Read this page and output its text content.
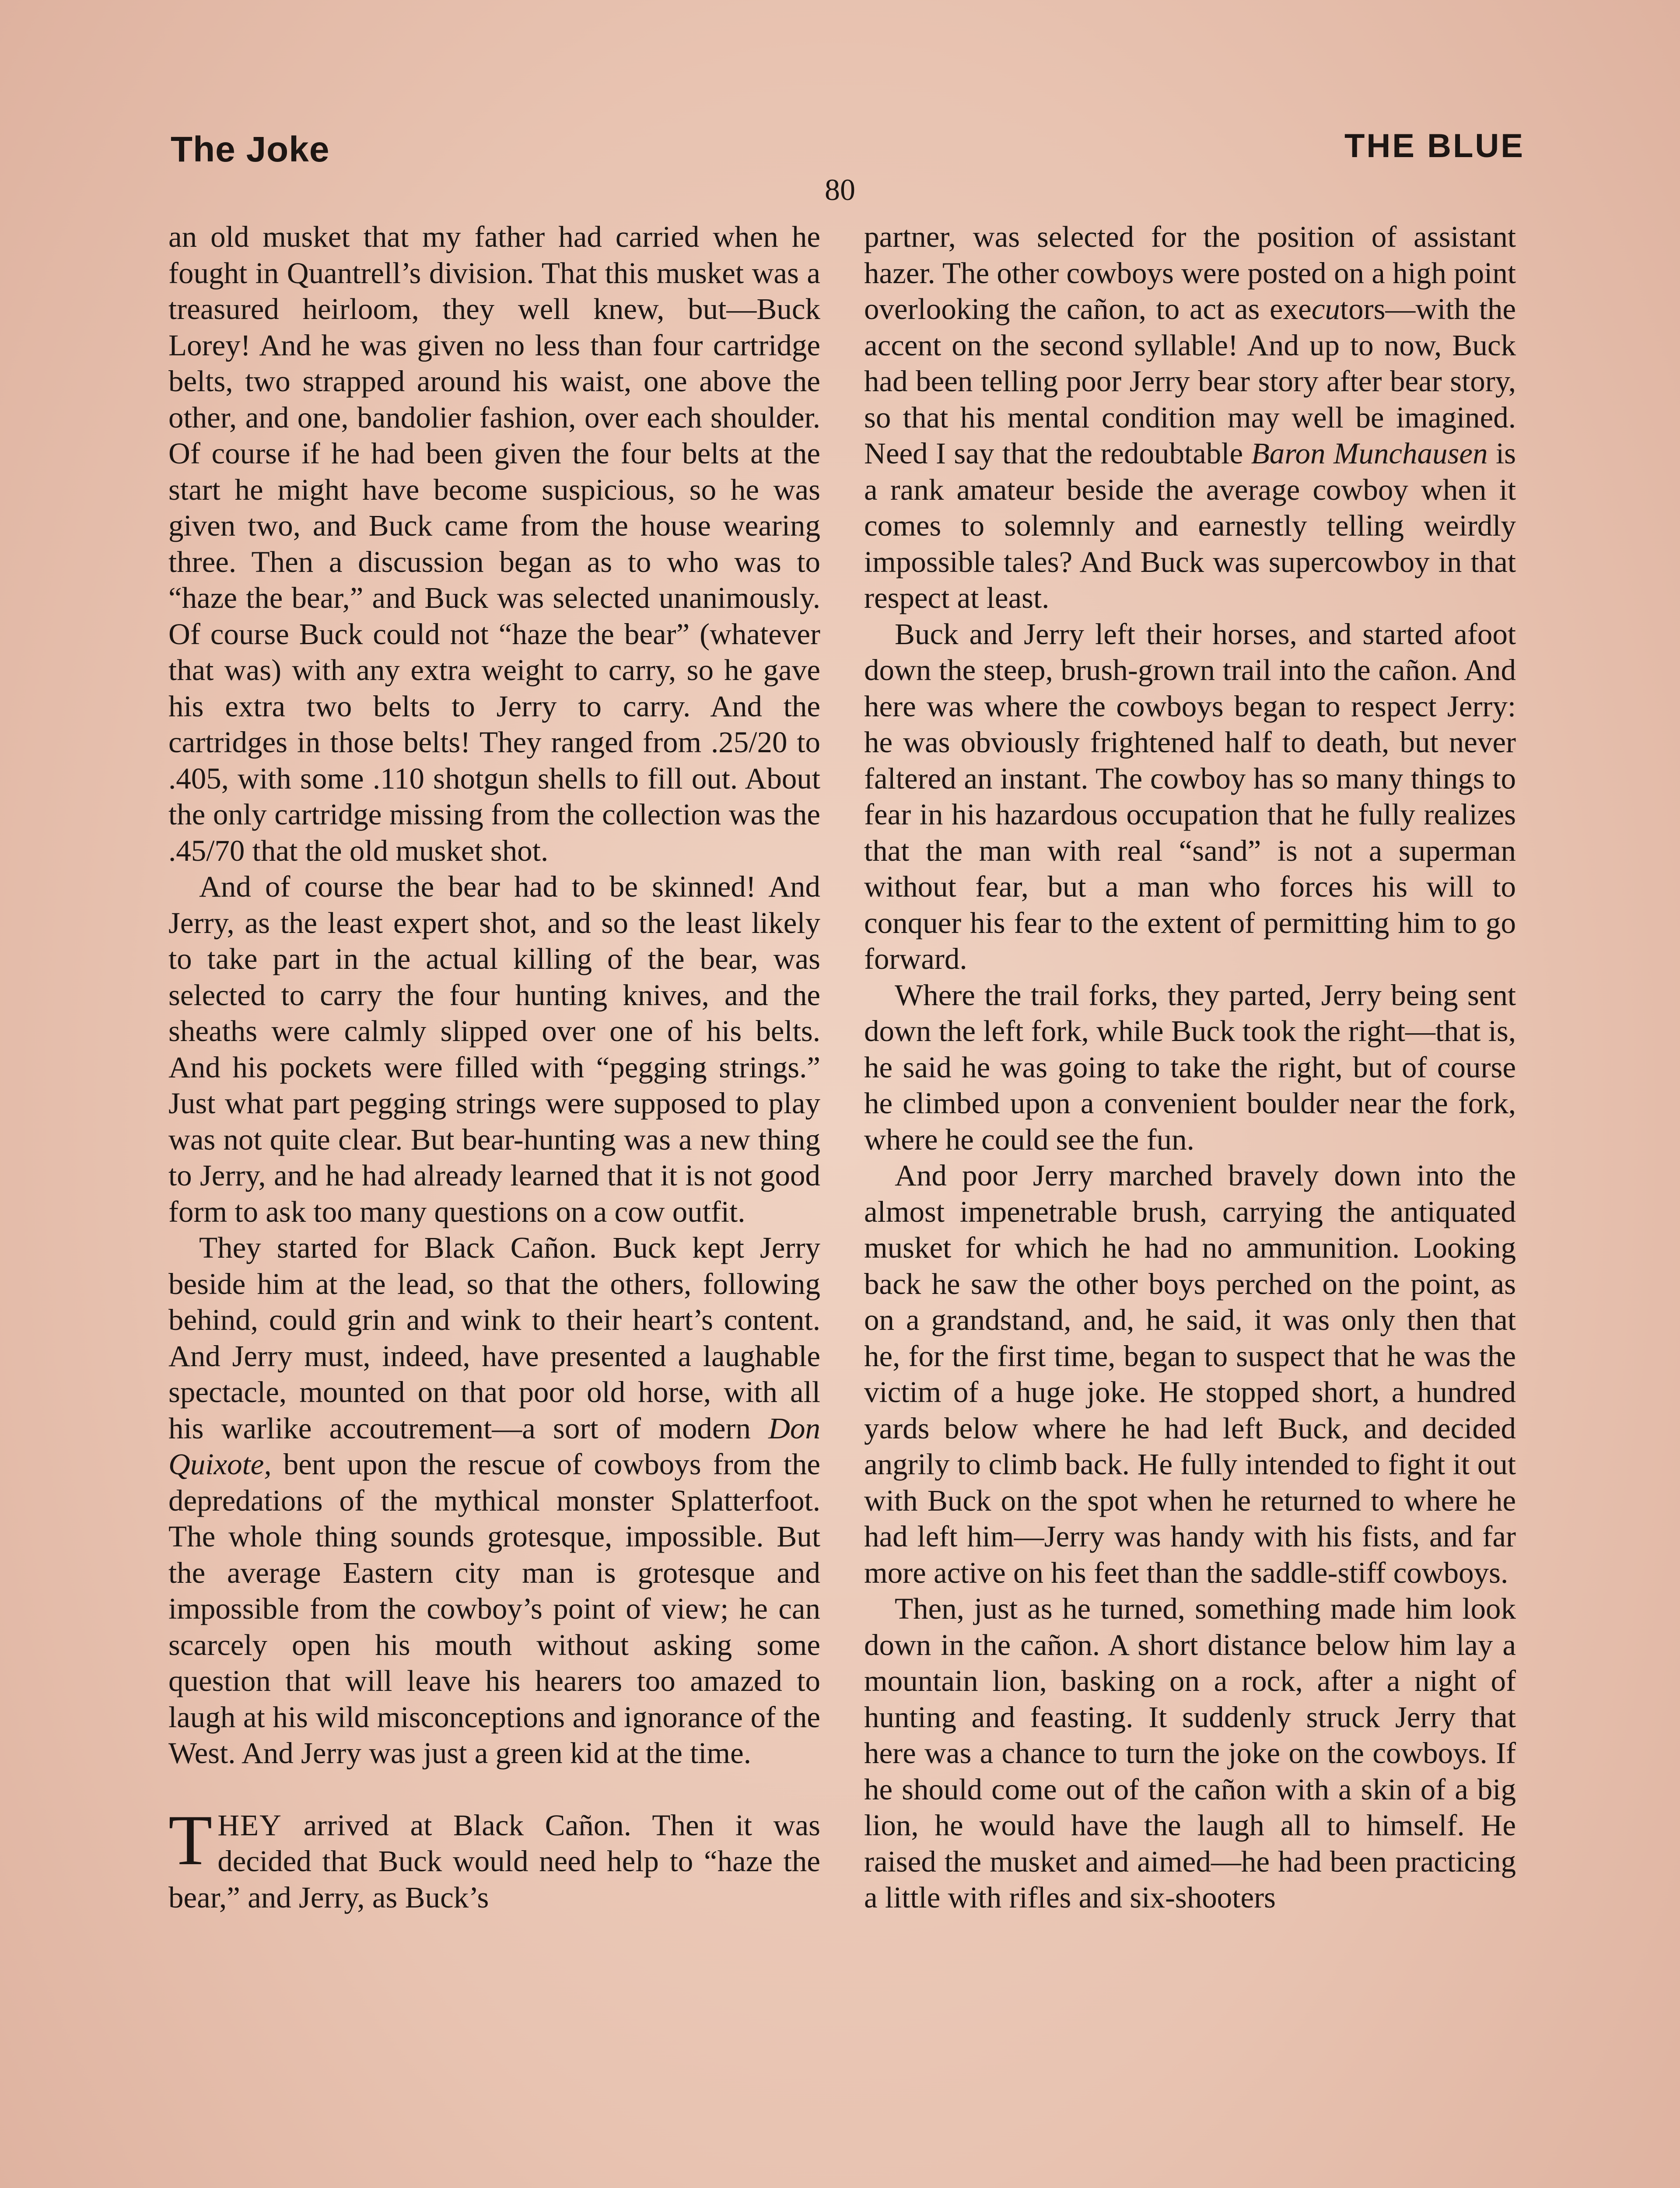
The Joke	THE BLUE
80

an old musket that my father had carried when he fought in Quantrell’s division. That this musket was a treasured heirloom, they well knew, but—Buck Lorey! And he was given no less than four cartridge belts, two strapped around his waist, one above the other, and one, bandolier fashion, over each shoulder. Of course if he had been given the four belts at the start he might have become suspicious, so he was given two, and Buck came from the house wearing three. Then a discussion began as to who was to “haze the bear,” and Buck was selected unanimously. Of course Buck could not “haze the bear” (whatever that was) with any extra weight to carry, so he gave his extra two belts to Jerry to carry. And the cartridges in those belts! They ranged from .25/20 to .405, with some .110 shotgun shells to fill out. About the only cartridge missing from the collection was the .45/70 that the old musket shot.

And of course the bear had to be skinned! And Jerry, as the least expert shot, and so the least likely to take part in the actual killing of the bear, was selected to carry the four hunting knives, and the sheaths were calmly slipped over one of his belts. And his pockets were filled with “pegging strings.” Just what part pegging strings were supposed to play was not quite clear. But bear-hunting was a new thing to Jerry, and he had already learned that it is not good form to ask too many questions on a cow outfit.

They started for Black Cañon. Buck kept Jerry beside him at the lead, so that the others, following behind, could grin and wink to their heart’s content. And Jerry must, indeed, have presented a laughable spectacle, mounted on that poor old horse, with all his warlike accoutrement—a sort of modern Don Quixote, bent upon the rescue of cowboys from the depredations of the mythical monster Splatterfoot. The whole thing sounds grotesque, impossible. But the average Eastern city man is grotesque and impossible from the cowboy’s point of view; he can scarcely open his mouth without asking some question that will leave his hearers too amazed to laugh at his wild misconceptions and ignorance of the West. And Jerry was just a green kid at the time.

THEY arrived at Black Cañon. Then it was decided that Buck would need help to “haze the bear,” and Jerry, as Buck’s

partner, was selected for the position of assistant hazer. The other cowboys were posted on a high point overlooking the cañon, to act as executors—with the accent on the second syllable! And up to now, Buck had been telling poor Jerry bear story after bear story, so that his mental condition may well be imagined. Need I say that the redoubtable Baron Munchausen is a rank amateur beside the average cowboy when it comes to solemnly and earnestly telling weirdly impossible tales? And Buck was supercowboy in that respect at least.

Buck and Jerry left their horses, and started afoot down the steep, brush-grown trail into the cañon. And here was where the cowboys began to respect Jerry: he was obviously frightened half to death, but never faltered an instant. The cowboy has so many things to fear in his hazardous occupation that he fully realizes that the man with real “sand” is not a superman without fear, but a man who forces his will to conquer his fear to the extent of permitting him to go forward.

Where the trail forks, they parted, Jerry being sent down the left fork, while Buck took the right—that is, he said he was going to take the right, but of course he climbed upon a convenient boulder near the fork, where he could see the fun.

And poor Jerry marched bravely down into the almost impenetrable brush, carrying the antiquated musket for which he had no ammunition. Looking back he saw the other boys perched on the point, as on a grandstand, and, he said, it was only then that he, for the first time, began to suspect that he was the victim of a huge joke. He stopped short, a hundred yards below where he had left Buck, and decided angrily to climb back. He fully intended to fight it out with Buck on the spot when he returned to where he had left him—Jerry was handy with his fists, and far more active on his feet than the saddle-stiff cowboys.

Then, just as he turned, something made him look down in the cañon. A short distance below him lay a mountain lion, basking on a rock, after a night of hunting and feasting. It suddenly struck Jerry that here was a chance to turn the joke on the cowboys. If he should come out of the cañon with a skin of a big lion, he would have the laugh all to himself. He raised the musket and aimed—he had been practicing a little with rifles and six-shooters
